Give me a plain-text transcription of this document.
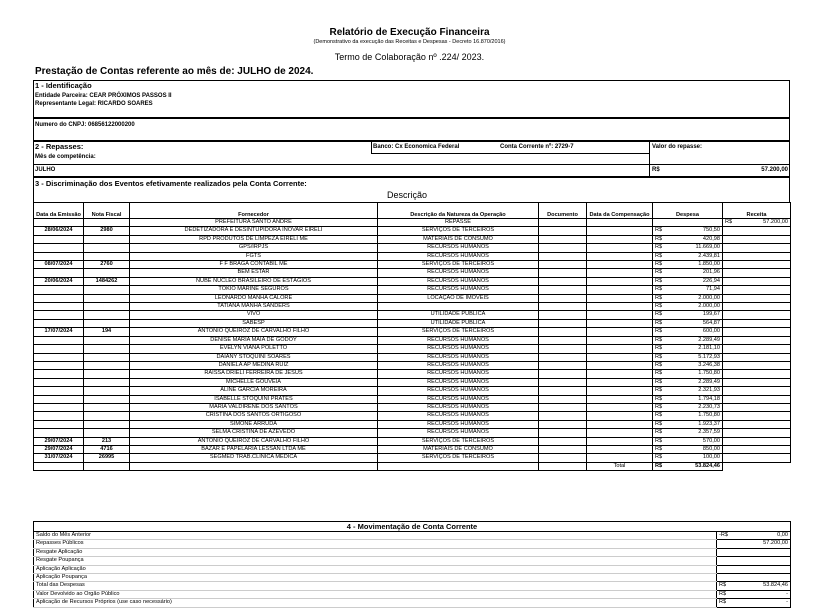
Relatório de Execução Financeira
(Demonstrativo da execução das Receitas e Despesas - Decreto 16.870/2016)
Termo de Colaboração nº .224/ 2023.
Prestação de Contas referente ao mês de: JULHO de 2024.
1 - Identificação
Entidade Parceira: CEAR PRÓXIMOS PASSOS II
Representante Legal: RICARDO SOARES
Numero do CNPJ: 06856122000200
2 - Repasses:
Mês de competência:
JULHO
Banco: Cx Economica Federal	Conta Corrente nº: 2729-7	Valor do repasse:
R$	57.200,00
3 - Discriminação dos Eventos efetivamente realizados pela Conta Corrente:
Descrição
Data da Emissão	Nota Fiscal	Fornecedor	Descrição da Natureza da Operação	Documento	Data da Compensação	Despesa	Receita
		PREFEITURA SANTO ANDRE	REPASSE				R$ 57.200,00

28/06/2024	2980	DEDETIZADORA E DESINTUPIDORA INOVAR EIRELI	SERVIÇOS DE TERCEIROS			R$ 750,50	

		RPD PRODUTOS DE LIMPEZA EIRELI ME	MATERIAIS DE CONSUMO			R$ 420,98	

		GPS/IRPJS	RECURSOS HUMANOS			R$ 11.669,00	

		FGTS	RECURSOS HUMANOS			R$ 2.439,81	

08/07/2024	2760	F F BRAGA CONTABIL ME	SERVIÇOS DE TERCEIROS			R$ 1.850,00	

		BEM ESTAR	RECURSOS HUMANOS			R$ 201,96	

20/06/2024	1484262	NUBE NUCLEO BRASILEIRO DE ESTÁGIOS	RECURSOS HUMANOS			R$ 226,94	

		TOKIO MARINE SEGUROS	RECURSOS HUMANOS			R$ 71,94	

		LEONARDO MANHA CALORE	LOCAÇÃO DE IMOVEIS			R$ 2.000,00	

		TATIANA MANHA SANDERS				R$ 2.000,00	

		VIVO	UTILIDADE PUBLICA			R$ 199,67	

		SABESP	UTILIDADE PUBLICA			R$ 564,87	

17/07/2024	194	ANTONIO QUEIROZ DE CARVALHO FILHO	SERVIÇOS DE TERCEIROS			R$ 600,00	

		DENISE MARIA MAIA DE GODOY	RECURSOS HUMANOS			R$ 2.289,49	

		EVELYN VIANA POLETTO	RECURSOS HUMANOS			R$ 2.181,10	

		DAIANY STOQUINI SOARES	RECURSOS HUMANOS			R$ 5.172,93	

		DANIELA AP MEDINA RUIZ	RECURSOS HUMANOS			R$ 3.246,38	

		RAISSA DRIELI FERREIRA DE JESUS	RECURSOS HUMANOS			R$ 1.750,80	

		MICHELLE GOUVEIA	RECURSOS HUMANOS			R$ 2.289,49	

		ALINE GARCIA MOREIRA	RECURSOS HUMANOS			R$ 2.321,93	

		ISABELLE STOQUINI PRATES	RECURSOS HUMANOS			R$ 1.794,18	

		MARIA VALDIRENE DOS SANTOS	RECURSOS HUMANOS			R$ 2.230,73	

		CRISTINA DOS SANTOS ORTIGOSO	RECURSOS HUMANOS			R$ 1.750,80	

		SIMONE ARRUDA	RECURSOS HUMANOS			R$ 1.923,37	

		SELMA CRISTINA DE AZEVEDO	RECURSOS HUMANOS			R$ 2.357,59	

29/07/2024	213	ANTONIO QUEIROZ DE CARVALHO FILHO	SERVIÇOS DE TERCEIROS			R$ 570,00	

29/07/2024	4716	BAZAR E PAPELARIA LESSAN LTDA ME	MATERIAIS DE CONSUMO			R$ 850,00	

31/07/2024	26995	SEGMED TRAB.CLINICA MÉDICA	SERVIÇOS DE TERCEIROS			R$ 100,00	

					Total	R$ 53.824,46	

4 - Movimentação de Conta Corrente	
Saldo do Mês Anterior	-R$ 0,00

Repasses Públicos	57.200,00

Resgate Aplicação	

Resgate Poupança	

Aplicação Aplicação	

Aplicação Poupança	

Total das Despesas	R$ 53.824,46

Valor Devolvido ao Órgão Público	R$ -

Aplicação de Recursos Próprios (use caso necessário)	R$ -
